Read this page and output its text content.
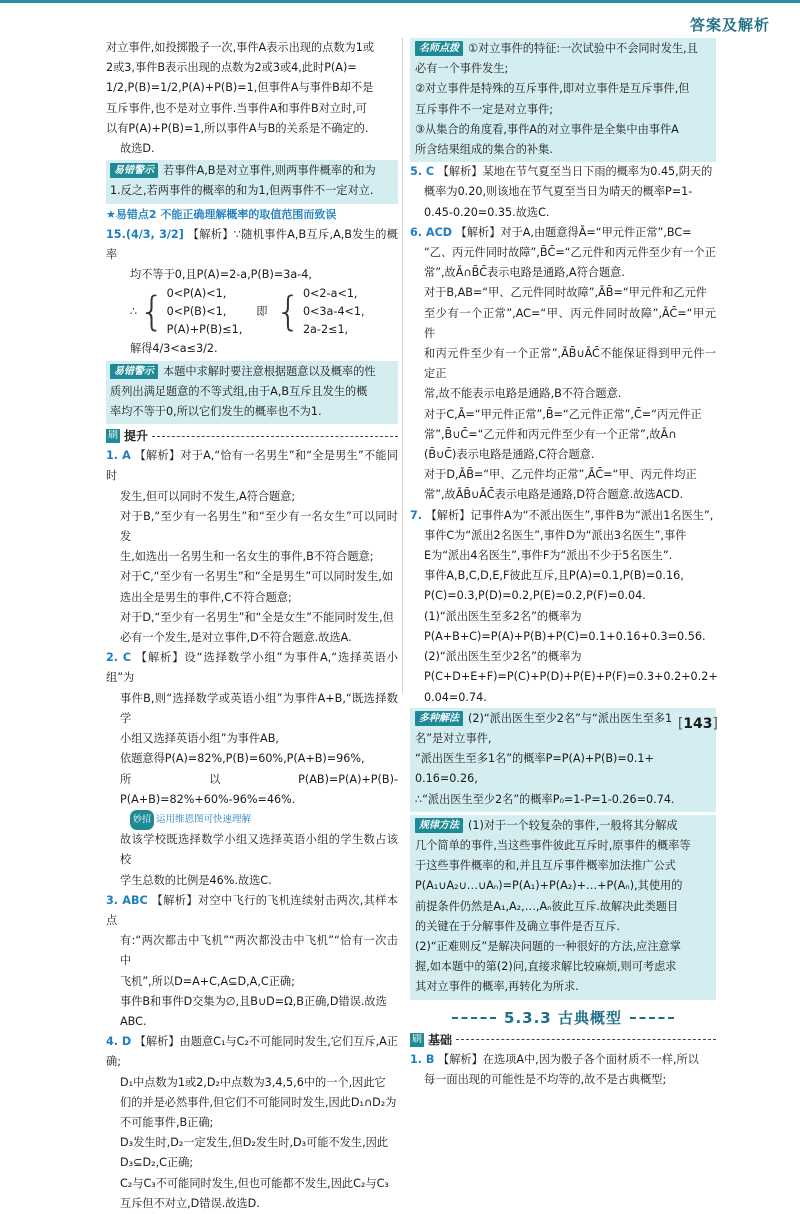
答案及解析
对立事件,如投掷骰子一次,事件A表示出现的点数为1或
2或3,事件B表示出现的点数为2或3或4,此时P(A)=
1/2,P(B)=1/2,P(A)+P(B)=1,但事件A与事件B却不是
互斥事件,也不是对立事件.当事件A和事件B对立时,可
以有P(A)+P(B)=1,所以事件A与B的关系是不确定的.
故选D.
易错警示 若事件A,B是对立事件,则两事件概率的和为
1.反之,若两事件的概率的和为1,但两事件不一定对立.
★易错点2 不能正确理解概率的取值范围而致误
15.(4/3, 3/2] 【解析】∵随机事件A,B互斥,A,B发生的概率
均不等于0,且P(A)=2-a,P(B)=3a-4,
∴ { 0<P(A)<1,
0<P(B)<1,
P(A)+P(B)≤1,
即 { 0<2-a<1,
0<3a-4<1,
2a-2≤1,
解得4/3<a≤3/2.
易错警示 本题中求解时要注意根据题意以及概率的性
质列出满足题意的不等式组,由于A,B互斥且发生的概
率均不等于0,所以它们发生的概率也不为1.
刷 提升
1. A 【解析】对于A,“恰有一名男生”和“全是男生”不能同时
发生,但可以同时不发生,A符合题意;
对于B,“至少有一名男生”和“至少有一名女生”可以同时发
生,如选出一名男生和一名女生的事件,B不符合题意;
对于C,“至少有一名男生”和“全是男生”可以同时发生,如
选出全是男生的事件,C不符合题意;
对于D,“至少有一名男生”和“全是女生”不能同时发生,但
必有一个发生,是对立事件,D不符合题意.故选A.
2. C 【解析】设“选择数学小组”为事件A,“选择英语小组”为
事件B,则“选择数学或英语小组”为事件A+B,“既选择数学
小组又选择英语小组”为事件AB,
依题意得P(A)=82%,P(B)=60%,P(A+B)=96%,
所以P(AB)=P(A)+P(B)-P(A+B)=82%+60%-96%=46%.
妙招 运用维恩图可快速理解
故该学校既选择数学小组又选择英语小组的学生数占该校
学生总数的比例是46%.故选C.
3. ABC 【解析】对空中飞行的飞机连续射击两次,其样本点
有:“两次都击中飞机”“两次都没击中飞机”“恰有一次击中
飞机”,所以D=A+C,A⊆D,A,C正确;
事件B和事件D交集为∅,且B∪D=Ω,B正确,D错误.故选
ABC.
4. D 【解析】由题意C₁与C₂不可能同时发生,它们互斥,A正确;
D₁中点数为1或2,D₂中点数为3,4,5,6中的一个,因此它
们的并是必然事件,但它们不可能同时发生,因此D₁∩D₂为
不可能事件,B正确;
D₃发生时,D₂一定发生,但D₂发生时,D₃可能不发生,因此
D₃⊆D₂,C正确;
C₂与C₃不可能同时发生,但也可能都不发生,因此C₂与C₃
互斥但不对立,D错误.故选D.
名师点拨 ①对立事件的特征:一次试验中不会同时发生,且
必有一个事件发生;
②对立事件是特殊的互斥事件,即对立事件是互斥事件,但
互斥事件不一定是对立事件;
③从集合的角度看,事件A的对立事件是全集中由事件A
所含结果组成的集合的补集.
5. C 【解析】某地在节气夏至当日下雨的概率为0.45,阴天的
概率为0.20,则该地在节气夏至当日为晴天的概率P=1-
0.45-0.20=0.35.故选C.
6. ACD 【解析】对于A,由题意得Ā=“甲元件正常”,BC=
“乙、丙元件同时故障”,B̄C̄=“乙元件和丙元件至少有一个正
常”,故Ā∩B̄C̄表示电路是通路,A符合题意.
对于B,AB=“甲、乙元件同时故障”,ĀB̄=“甲元件和乙元件
至少有一个正常”,AC=“甲、丙元件同时故障”,ĀC̄=“甲元件
和丙元件至少有一个正常”,ĀB̄∪ĀC̄不能保证得到甲元件一定正
常,故不能表示电路是通路,B不符合题意.
对于C,Ā=“甲元件正常”,B̄=“乙元件正常”,C̄=“丙元件正
常”,B̄∪C̄=“乙元件和丙元件至少有一个正常”,故Ā∩
(B̄∪C̄)表示电路是通路,C符合题意.
对于D,ĀB̄=“甲、乙元件均正常”,ĀC̄=“甲、丙元件均正
常”,故ĀB̄∪ĀC̄表示电路是通路,D符合题意.故选ACD.
7. 【解析】记事件A为“不派出医生”,事件B为“派出1名医生”,
事件C为“派出2名医生”,事件D为“派出3名医生”,事件
E为“派出4名医生”,事件F为“派出不少于5名医生”.
事件A,B,C,D,E,F彼此互斥,且P(A)=0.1,P(B)=0.16,
P(C)=0.3,P(D)=0.2,P(E)=0.2,P(F)=0.04.
(1)“派出医生至多2名”的概率为
P(A+B+C)=P(A)+P(B)+P(C)=0.1+0.16+0.3=0.56.
(2)“派出医生至少2名”的概率为
P(C+D+E+F)=P(C)+P(D)+P(E)+P(F)=0.3+0.2+0.2+
0.04=0.74.
多种解法 (2)“派出医生至少2名”与“派出医生至多1
名”是对立事件,
“派出医生至多1名”的概率P=P(A)+P(B)=0.1+
0.16=0.26,
∴“派出医生至少2名”的概率P₀=1-P=1-0.26=0.74.
规律方法 (1)对于一个较复杂的事件,一般将其分解成
几个简单的事件,当这些事件彼此互斥时,原事件的概率等
于这些事件概率的和,并且互斥事件概率加法推广公式
P(A₁∪A₂∪…∪Aₙ)=P(A₁)+P(A₂)+…+P(Aₙ),其使用的
前提条件仍然是A₁,A₂,…,Aₙ彼此互斥.故解决此类题目
的关键在于分解事件及确立事件是否互斥.
(2)“正难则反”是解决问题的一种很好的方法,应注意掌
握,如本题中的第(2)问,直接求解比较麻烦,则可考虑求
其对立事件的概率,再转化为所求.
5.3.3 古典概型
刷 基础
1. B 【解析】在选项A中,因为骰子各个面材质不一样,所以
每一面出现的可能性是不均等的,故不是古典概型;
[143]
